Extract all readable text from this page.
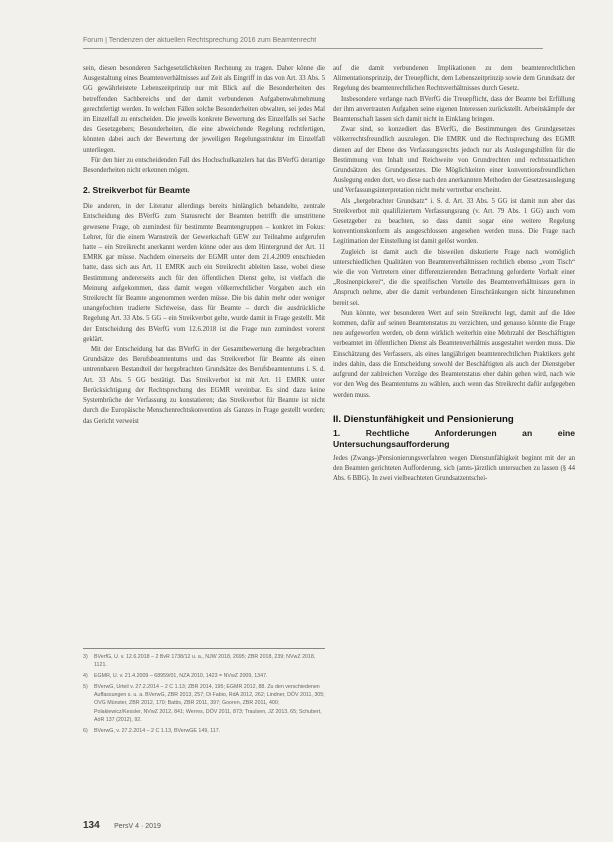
Forum | Tendenzen der aktuellen Rechtsprechung 2016 zum Beamtenrecht

sein, diesen besonderen Sachgesetzlichkeiten Rechnung zu tragen. Daher könne die Ausgestaltung eines Beamtenverhältnisses auf Zeit als Eingriff in das von Art. 33 Abs. 5 GG gewährleistete Lebenszeitprinzip nur mit Blick auf die Besonderheiten des betreffenden Sachbereichs und der damit verbundenen Aufgabenwahrnehmung gerechtfertigt werden. In welchen Fällen solche Besonderheiten obwalten, sei jedes Mal im Einzelfall zu entscheiden. Die jeweils konkrete Bewertung des Einzelfalls sei Sache des Gesetzgebers; Besonderheiten, die eine abweichende Regelung rechtfertigen, könnten dabei auch der Bewertung der jeweiligen Regelungsstruktur im Einzelfall unterliegen.

Für den hier zu entscheidenden Fall des Hochschulkanzlers hat das BVerfG derartige Besonderheiten nicht erkennen mögen.

2. Streikverbot für Beamte

Die anderen, in der Literatur allerdings bereits hinlänglich behandelte, zentrale Entscheidung des BVerfG zum Statusrecht der Beamten betrifft die umstrittene gewesene Frage, ob zumindest für bestimmte Beamtengruppen – konkret im Fokus: Lehrer, für die einem Warnstreik der Gewerkschaft GEW zur Teilnahme aufgerufen hatte – ein Streikrecht anerkannt werden könne oder aus dem Hintergrund der Art. 11 EMRK gar müsse. Nachdem einerseits der EGMR unter dem 21.4.2009 entschieden hatte, dass sich aus Art. 11 EMRK auch ein Streikrecht ableiten lasse, wobei diese Bestimmung andererseits auch für den öffentlichen Dienst gelte, ist vielfach die Meinung aufgekommen, dass damit wegen völkerrechtlicher Vorgaben auch ein Streikrecht für Beamte angenommen werden müsse. Die bis dahin mehr oder weniger unangefochten tradierte Sichtweise, dass für Beamte – durch die ausdrückliche Regelung Art. 33 Abs. 5 GG – ein Streikverbot gelte, wurde damit in Frage gestellt. Mit der Entscheidung des BVerfG vom 12.6.2018 ist die Frage nun zumindest vorerst geklärt.

Mit der Entscheidung hat das BVerfG in der Gesamtbewertung die hergebrachten Grundsätze des Berufsbeamtentums und das Streikverbot für Beamte als einen untrennbaren Bestandteil der hergebrachten Grundsätze des Berufsbeamtentums i. S. d. Art. 33 Abs. 5 GG bestätigt. Das Streikverbot ist mit Art. 11 EMRK unter Berücksichtigung der Rechtsprechung des EGMR vereinbar. Es sind dazu keine Systembrüche der Verfassung zu konstatieren; das Streikverbot für Beamte ist nicht durch die Europäische Menschenrechtskonvention als Ganzes in Frage gestellt worden; das Gericht verweist

3)	BVerfG, U. v. 12.6.2018 – 2 BvR 1738/12 u. a., NJW 2018, 2695; ZBR 2018, 239; NVwZ 2018, 1121.
4)	EGMR, U. v. 21.4.2009 – 68959/01, NZA 2010, 1423 = NVwZ 2009, 1347.
5)	BVerwG, Urteil v. 27.2.2014 – 2 C 1.13; ZBR 2014, 195; EGMR 2012, 88. Zu den verschiedenen Auffassungen s. u. a. BVerwG, ZBR 2013, 257; Di Fabio, RdA 2012, 262; Lindner, DÖV 2011, 305; OVG Münster, ZBR 2012, 170; Battis, ZBR 2011, 397; Gooren, ZBR 2011, 400; Polakiewicz/Kessler, NVwZ 2012, 841; Werres, DÖV 2011, 873; Traulsen, JZ 2013, 65; Schubert, AöR 137 (2012), 92.
6)	BVerwG, v. 27.2.2014 – 2 C 1.13, BVerwGE 149, 117.

auf die damit verbundenen Implikationen zu dem beamtenrechtlichen Alimentationsprinzip, der Treuepflicht, dem Lebenszeitprinzip sowie dem Grundsatz der Regelung des beamtenrechtlichen Rechtsverhältnisses durch Gesetz.

Insbesondere verlange nach BVerfG die Treuepflicht, dass der Beamte bei Erfüllung der ihm anvertrauten Aufgaben seine eigenen Interessen zurückstellt. Arbeitskämpfe der Beamtenschaft lassen sich damit nicht in Einklang bringen.

Zwar sind, so konzediert das BVerfG, die Bestimmungen des Grundgesetzes völkerrechtsfreundlich auszulegen. Die EMRK und die Rechtsprechung des EGMR dienen auf der Ebene des Verfassungsrechts jedoch nur als Auslegungshilfen für die Bestimmung von Inhalt und Reichweite von Grundrechten und rechtsstaatlichen Grundsätzen des Grundgesetzes. Die Möglichkeiten einer konventionsfreundlichen Auslegung enden dort, wo diese nach den anerkannten Methoden der Gesetzesauslegung und Verfassungsinterpretation nicht mehr vertretbar erscheint.

Als „hergebrachter Grundsatz“ i. S. d. Art. 33 Abs. 5 GG ist damit nun aber das Streikverbot mit qualifiziertem Verfassungsrang (v. Art. 79 Abs. 1 GG) auch vom Gesetzgeber zu beachten, so dass damit sogar eine weitere Regelung konventionskonform als ausgeschlossen angesehen werden muss. Die Frage nach Legitimation der Einstellung ist damit gelöst worden.

Zugleich ist damit auch die bisweilen diskutierte Frage nach womöglich unterschiedlichen Qualitäten von Beamtenverhältnissen rechtlich ebenso „vom Tisch“ wie die von Vertretern einer differenzierenden Betrachtung geforderte Vorhalt einer „Rosinenpickerei“, die die spezifischen Vorteile des Beamtenverhältnisses gern in Anspruch nehme, aber die damit verbundenen Einschränkungen nicht hinzunehmen bereit sei.

Nun könnte, wer besonderen Wert auf sein Streikrecht legt, damit auf die Idee kommen, dafür auf seinen Beamtenstatus zu verzichten, und genauso könnte die Frage neu aufgeworfen werden, ob denn wirklich weiterhin eine Mehrzahl der Beschäftigten verbeamtet im öffentlichen Dienst als Beamtenverhältnis ausgestaltet werden muss. Die Einschätzung des Verfassers, als eines langjährigen beamtenrechtlichen Praktikers geht indes dahin, dass die Entscheidung sowohl der Beschäftigten als auch der Dienstgeber aufgrund der zahlreichen Vorzüge des Beamtenstatus eher dahin gehen wird, nach wie vor den Weg des Beamtentums zu wählen, auch wenn das Streikrecht dafür aufgegeben werden muss.

II. Dienstunfähigkeit und Pensionierung
1. Rechtliche Anforderungen an eine Untersuchungsaufforderung

Jedes (Zwangs-)Pensionierungsverfahren wegen Dienstunfähigkeit beginnt mit der an den Beamten gerichteten Aufforderung, sich (amts-)ärztlich untersuchen zu lassen (§ 44 Abs. 6 BBG). In zwei vielbeachteten Grundsatzentschei-

134 PersV 4 · 2019
